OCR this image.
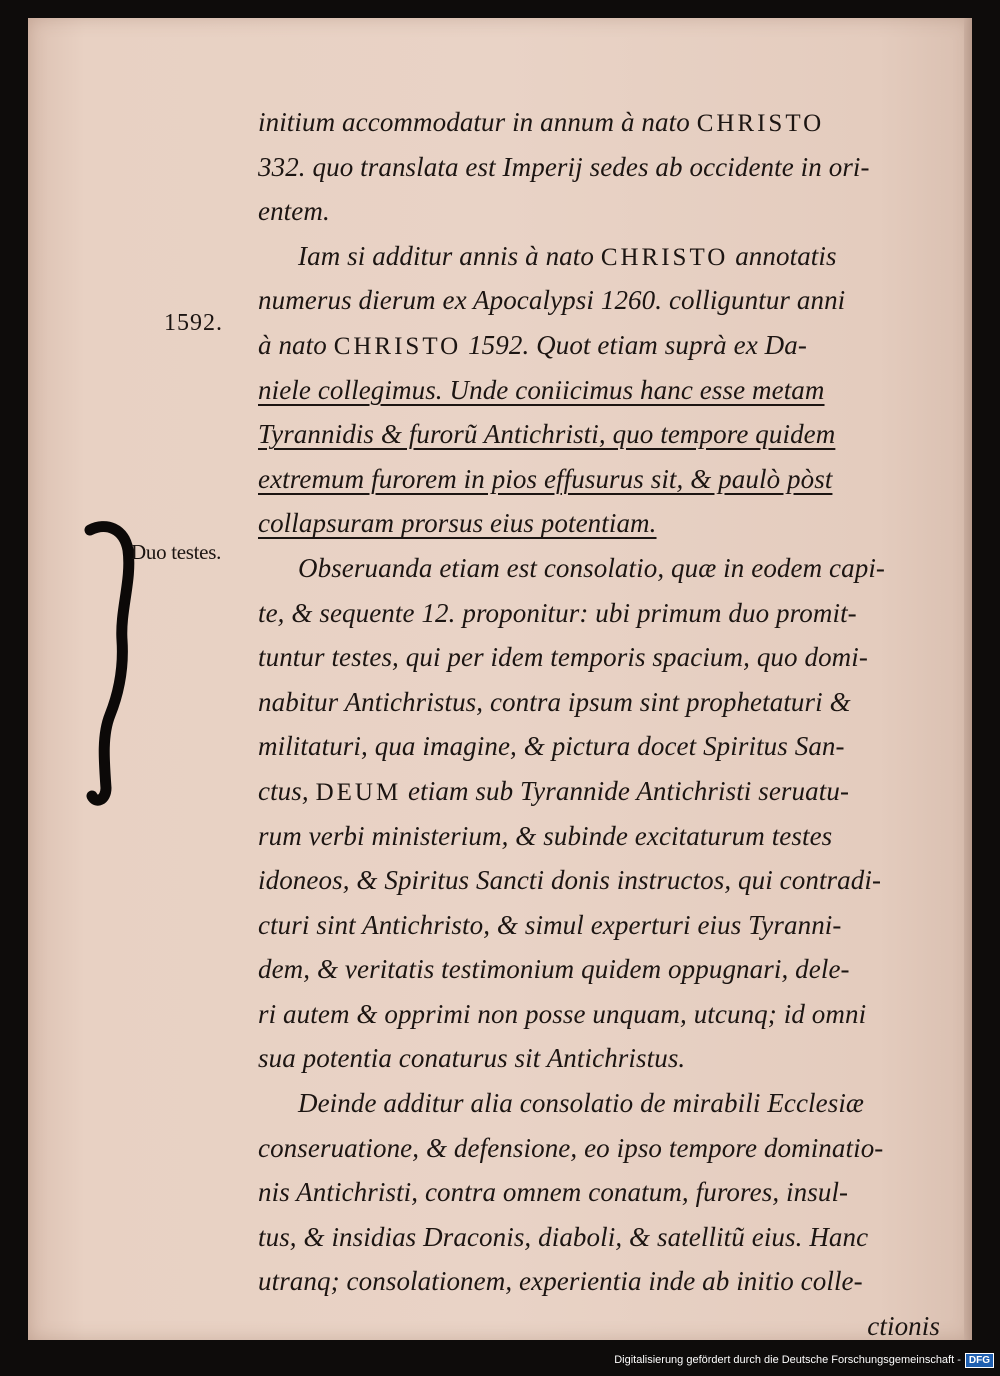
1592.
Duo testes.
initium accommodatur in annum à nato CHRISTO
332. quo translata est Imperij sedes ab occidente in ori-
entem.
Iam si additur annis à nato CHRISTO annotatis
numerus dierum ex Apocalypsi 1260. colliguntur anni
à nato CHRISTO 1592. Quot etiam suprà ex Da-
niele collegimus. Unde coniicimus hanc esse metam
Tyrannidis & furorũ Antichristi, quo tempore quidem
extremum furorem in pios effusurus sit, & paulò pòst
collapsuram prorsus eius potentiam.
Obseruanda etiam est consolatio, quæ in eodem capi-
te, & sequente 12. proponitur: ubi primum duo promit-
tuntur testes, qui per idem temporis spacium, quo domi-
nabitur Antichristus, contra ipsum sint prophetaturi &
militaturi, qua imagine, & pictura docet Spiritus San-
ctus, DEUM etiam sub Tyrannide Antichristi seruatu-
rum verbi ministerium, & subinde excitaturum testes
idoneos, & Spiritus Sancti donis instructos, qui contradi-
cturi sint Antichristo, & simul experturi eius Tyranni-
dem, & veritatis testimonium quidem oppugnari, dele-
ri autem & opprimi non posse unquam, utcunq; id omni
sua potentia conaturus sit Antichristus.
Deinde additur alia consolatio de mirabili Ecclesiæ
conseruatione, & defensione, eo ipso tempore dominatio-
nis Antichristi, contra omnem conatum, furores, insul-
tus, & insidias Draconis, diaboli, & satellitũ eius. Hanc
utranq; consolationem, experientia inde ab initio colle-
ctionis
Digitalisierung gefördert durch die Deutsche Forschungsgemeinschaft - DFG
